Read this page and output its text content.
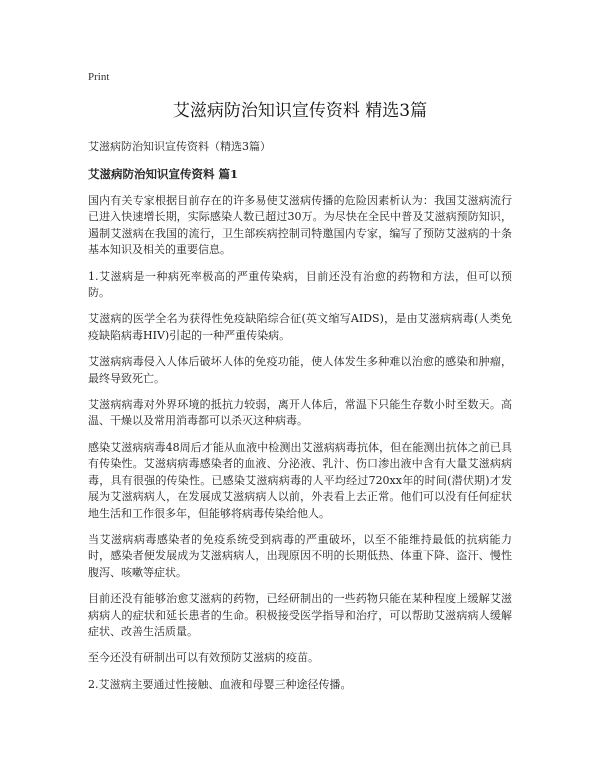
Print
艾滋病防治知识宣传资料 精选3篇
艾滋病防治知识宣传资料（精选3篇）
艾滋病防治知识宣传资料 篇1

国内有关专家根据目前存在的许多易使艾滋病传播的危险因素析认为：我国艾滋病流行已进入快速增长期，实际感染人数已超过30万。为尽快在全民中普及艾滋病预防知识，遏制艾滋病在我国的流行，卫生部疾病控制司特邀国内专家，编写了预防艾滋病的十条基本知识及相关的重要信息。

1.艾滋病是一种病死率极高的严重传染病，目前还没有治愈的药物和方法，但可以预防。

艾滋病的医学全名为获得性免疫缺陷综合征(英文缩写AIDS)，是由艾滋病病毒(人类免疫缺陷病毒HIV)引起的一种严重传染病。

艾滋病病毒侵入人体后破坏人体的免疫功能，使人体发生多种难以治愈的感染和肿瘤，最终导致死亡。

艾滋病病毒对外界环境的抵抗力较弱，离开人体后，常温下只能生存数小时至数天。高温、干燥以及常用消毒都可以杀灭这种病毒。

感染艾滋病病毒48周后才能从血液中检测出艾滋病病毒抗体，但在能测出抗体之前已具有传染性。艾滋病病毒感染者的血液、分泌液、乳汁、伤口渗出液中含有大量艾滋病病毒，具有很强的传染性。已感染艾滋病病毒的人平均经过720xx年的时间(潜伏期)才发展为艾滋病病人，在发展成艾滋病病人以前，外表看上去正常。他们可以没有任何症状地生活和工作很多年，但能够将病毒传染给他人。

当艾滋病病毒感染者的免疫系统受到病毒的严重破坏，以至不能维持最低的抗病能力时，感染者便发展成为艾滋病病人，出现原因不明的长期低热、体重下降、盗汗、慢性腹泻、咳嗽等症状。

目前还没有能够治愈艾滋病的药物，已经研制出的一些药物只能在某种程度上缓解艾滋病病人的症状和延长患者的生命。积极接受医学指导和治疗，可以帮助艾滋病病人缓解症状、改善生活质量。

至今还没有研制出可以有效预防艾滋病的疫苗。

2.艾滋病主要通过性接触、血液和母婴三种途径传播。
